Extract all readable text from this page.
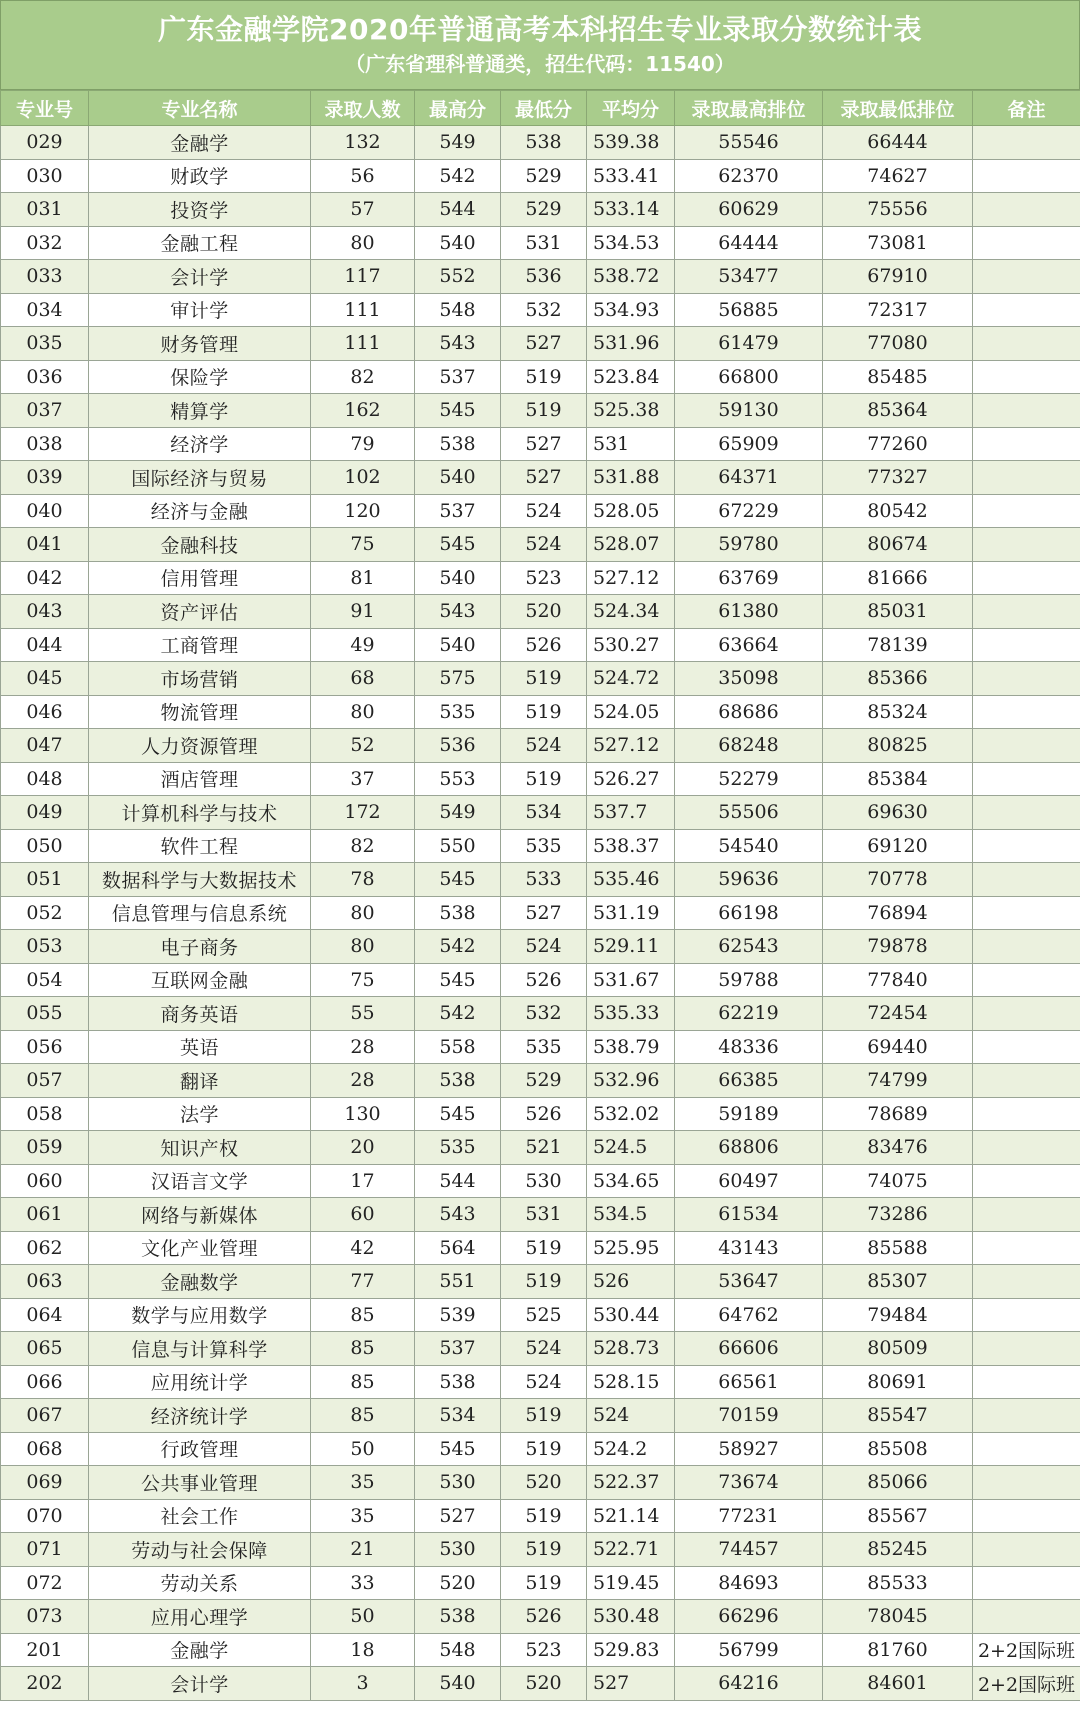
广东金融学院2020年普通高考本科招生专业录取分数统计表
（广东省理科普通类，招生代码：11540）
专业号	专业名称	录取人数	最高分	最低分	平均分	录取最高排位	录取最低排位	备注
029	金融学	132	549	538	539.38	55546	66444	
030	财政学	56	542	529	533.41	62370	74627	
031	投资学	57	544	529	533.14	60629	75556	
032	金融工程	80	540	531	534.53	64444	73081	
033	会计学	117	552	536	538.72	53477	67910	
034	审计学	111	548	532	534.93	56885	72317	
035	财务管理	111	543	527	531.96	61479	77080	
036	保险学	82	537	519	523.84	66800	85485	
037	精算学	162	545	519	525.38	59130	85364	
038	经济学	79	538	527	531	65909	77260	
039	国际经济与贸易	102	540	527	531.88	64371	77327	
040	经济与金融	120	537	524	528.05	67229	80542	
041	金融科技	75	545	524	528.07	59780	80674	
042	信用管理	81	540	523	527.12	63769	81666	
043	资产评估	91	543	520	524.34	61380	85031	
044	工商管理	49	540	526	530.27	63664	78139	
045	市场营销	68	575	519	524.72	35098	85366	
046	物流管理	80	535	519	524.05	68686	85324	
047	人力资源管理	52	536	524	527.12	68248	80825	
048	酒店管理	37	553	519	526.27	52279	85384	
049	计算机科学与技术	172	549	534	537.7	55506	69630	
050	软件工程	82	550	535	538.37	54540	69120	
051	数据科学与大数据技术	78	545	533	535.46	59636	70778	
052	信息管理与信息系统	80	538	527	531.19	66198	76894	
053	电子商务	80	542	524	529.11	62543	79878	
054	互联网金融	75	545	526	531.67	59788	77840	
055	商务英语	55	542	532	535.33	62219	72454	
056	英语	28	558	535	538.79	48336	69440	
057	翻译	28	538	529	532.96	66385	74799	
058	法学	130	545	526	532.02	59189	78689	
059	知识产权	20	535	521	524.5	68806	83476	
060	汉语言文学	17	544	530	534.65	60497	74075	
061	网络与新媒体	60	543	531	534.5	61534	73286	
062	文化产业管理	42	564	519	525.95	43143	85588	
063	金融数学	77	551	519	526	53647	85307	
064	数学与应用数学	85	539	525	530.44	64762	79484	
065	信息与计算科学	85	537	524	528.73	66606	80509	
066	应用统计学	85	538	524	528.15	66561	80691	
067	经济统计学	85	534	519	524	70159	85547	
068	行政管理	50	545	519	524.2	58927	85508	
069	公共事业管理	35	530	520	522.37	73674	85066	
070	社会工作	35	527	519	521.14	77231	85567	
071	劳动与社会保障	21	530	519	522.71	74457	85245	
072	劳动关系	33	520	519	519.45	84693	85533	
073	应用心理学	50	538	526	530.48	66296	78045	
201	金融学	18	548	523	529.83	56799	81760	2+2国际班
202	会计学	3	540	520	527	64216	84601	2+2国际班
